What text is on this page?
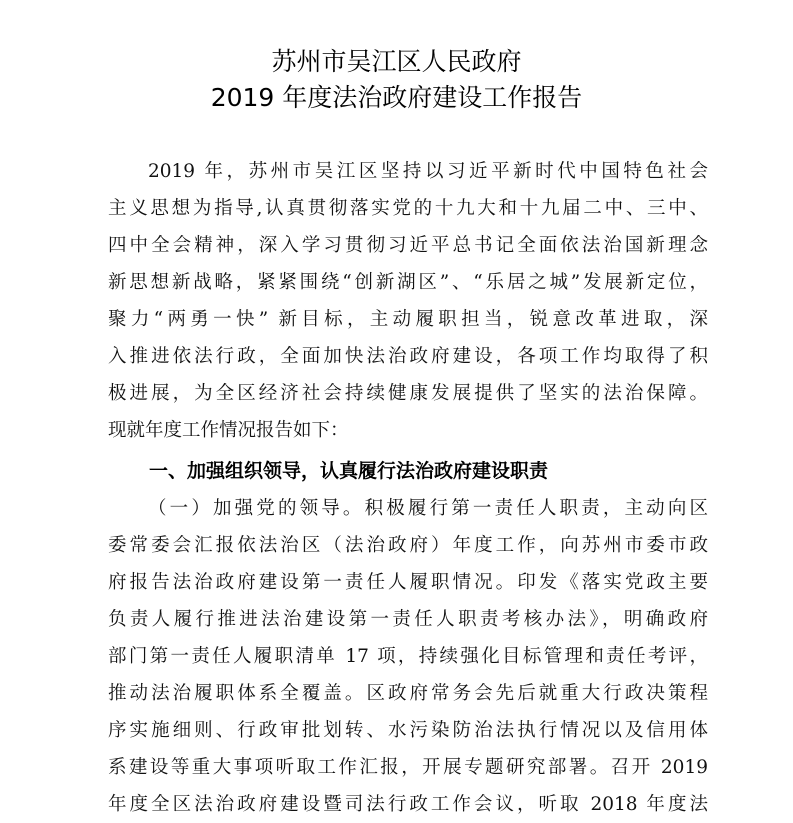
苏州市吴江区人民政府
2019 年度法治政府建设工作报告
2019 年，苏州市吴江区坚持以习近平新时代中国特色社会
主义思想为指导,认真贯彻落实党的十九大和十九届二中、三中、
四中全会精神，深入学习贯彻习近平总书记全面依法治国新理念
新思想新战略，紧紧围绕“创新湖区”、“乐居之城”发展新定位，
聚力“两勇一快” 新目标，主动履职担当，锐意改革进取，深
入推进依法行政，全面加快法治政府建设，各项工作均取得了积
极进展，为全区经济社会持续健康发展提供了坚实的法治保障。
现就年度工作情况报告如下：
一、加强组织领导，认真履行法治政府建设职责
（一）加强党的领导。积极履行第一责任人职责，主动向区
委常委会汇报依法治区（法治政府）年度工作，向苏州市委市政
府报告法治政府建设第一责任人履职情况。印发《落实党政主要
负责人履行推进法治建设第一责任人职责考核办法》，明确政府
部门第一责任人履职清单 17 项，持续强化目标管理和责任考评，
推动法治履职体系全覆盖。区政府常务会先后就重大行政决策程
序实施细则、行政审批划转、水污染防治法执行情况以及信用体
系建设等重大事项听取工作汇报，开展专题研究部署。召开 2019
年度全区法治政府建设暨司法行政工作会议，听取 2018 年度法
